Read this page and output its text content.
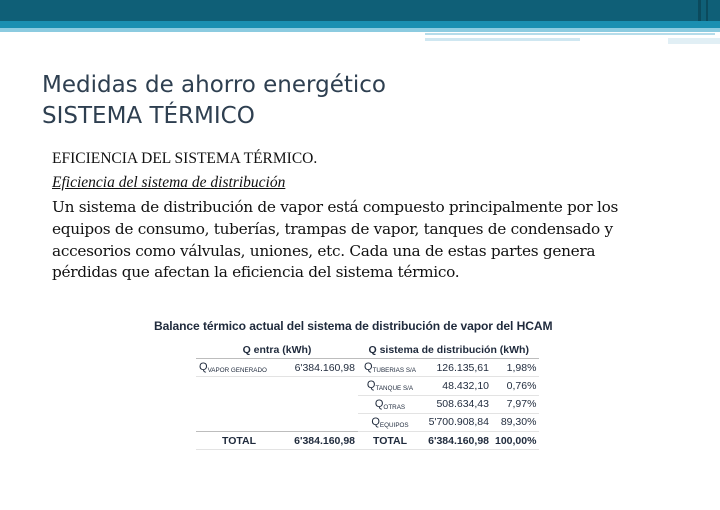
Medidas de ahorro energético
SISTEMA TÉRMICO
EFICIENCIA DEL SISTEMA TÉRMICO.
Eficiencia del sistema de distribución
Un sistema de distribución de vapor está compuesto principalmente por los equipos de consumo, tuberías, trampas de vapor, tanques de condensado y accesorios como válvulas, uniones, etc. Cada una de estas partes genera pérdidas que afectan la eficiencia del sistema térmico.
Balance térmico actual del sistema de distribución de vapor del HCAM
Q entra (kWh)		Q sistema de distribución (kWh)		
$Q_{VAPOR GENERADO}$	6'384.160,98	$Q_{TUBERIAS S/A}$	126.135,61	1,98%
		$Q_{TANQUE S/A}$	48.432,10	0,76%
		$Q_{OTRAS}$	508.634,43	7,97%
		$Q_{EQUIPOS}$	5'700.908,84	89,30%
TOTAL	6'384.160,98	TOTAL	6'384.160,98	100,00%
